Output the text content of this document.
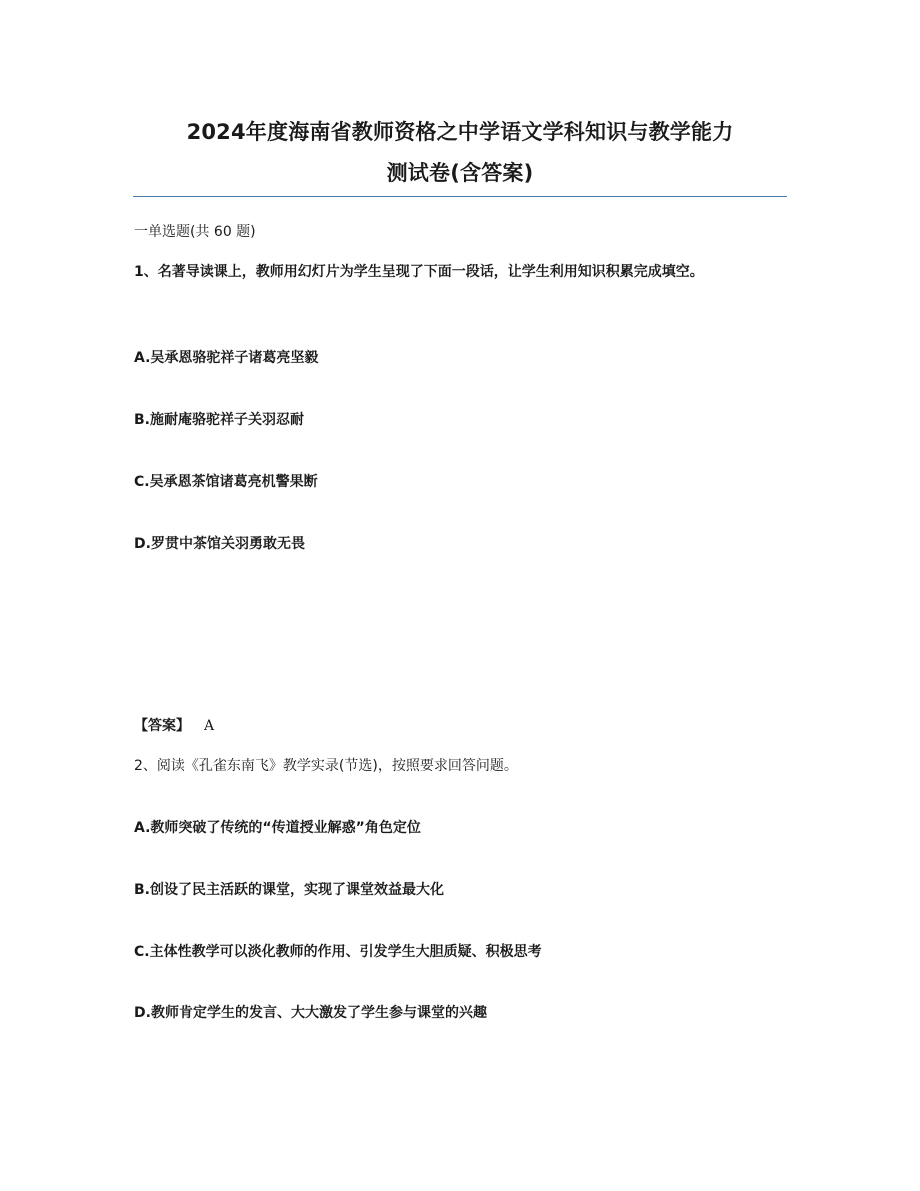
2024年度海南省教师资格之中学语文学科知识与教学能力
测试卷(含答案)
一单选题(共 60 题)
1、名著导读课上，教师用幻灯片为学生呈现了下面一段话，让学生利用知识积累完成填空。
A.吴承恩骆驼祥子诸葛亮坚毅
B.施耐庵骆驼祥子关羽忍耐
C.吴承恩茶馆诸葛亮机警果断
D.罗贯中茶馆关羽勇敢无畏
【答案】 A
2、阅读《孔雀东南飞》教学实录(节选)，按照要求回答问题。
A.教师突破了传统的“传道授业解惑”角色定位
B.创设了民主活跃的课堂，实现了课堂效益最大化
C.主体性教学可以淡化教师的作用、引发学生大胆质疑、积极思考
D.教师肯定学生的发言、大大激发了学生参与课堂的兴趣
